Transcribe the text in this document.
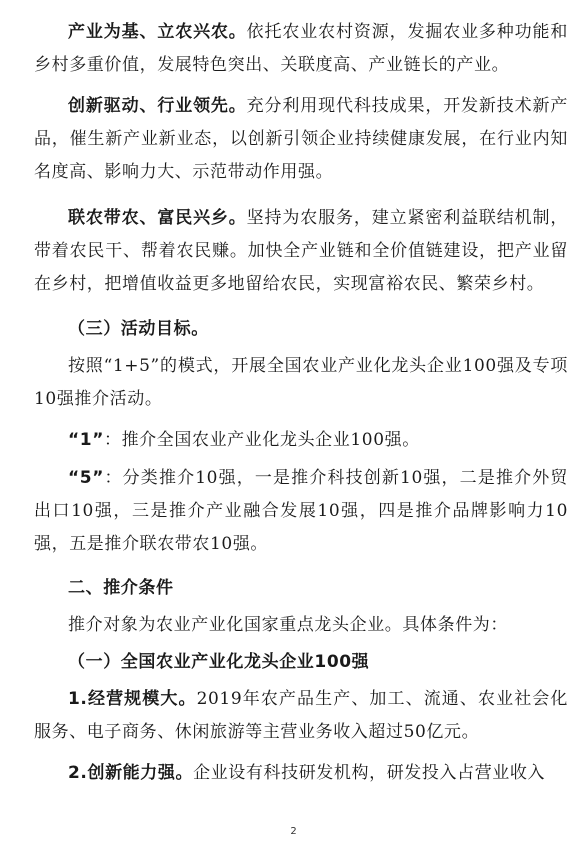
产业为基、立农兴农。依托农业农村资源，发掘农业多种功能和乡村多重价值，发展特色突出、关联度高、产业链长的产业。

创新驱动、行业领先。充分利用现代科技成果，开发新技术新产品，催生新产业新业态，以创新引领企业持续健康发展，在行业内知名度高、影响力大、示范带动作用强。

联农带农、富民兴乡。坚持为农服务，建立紧密利益联结机制，带着农民干、帮着农民赚。加快全产业链和全价值链建设，把产业留在乡村，把增值收益更多地留给农民，实现富裕农民、繁荣乡村。

（三）活动目标。

按照“1+5”的模式，开展全国农业产业化龙头企业100强及专项10强推介活动。

“1”：推介全国农业产业化龙头企业100强。

“5”：分类推介10强，一是推介科技创新10强，二是推介外贸出口10强，三是推介产业融合发展10强，四是推介品牌影响力10强，五是推介联农带农10强。

二、推介条件

推介对象为农业产业化国家重点龙头企业。具体条件为：

（一）全国农业产业化龙头企业100强

1.经营规模大。2019年农产品生产、加工、流通、农业社会化服务、电子商务、休闲旅游等主营业务收入超过50亿元。

2.创新能力强。企业设有科技研发机构，研发投入占营业收入

2
